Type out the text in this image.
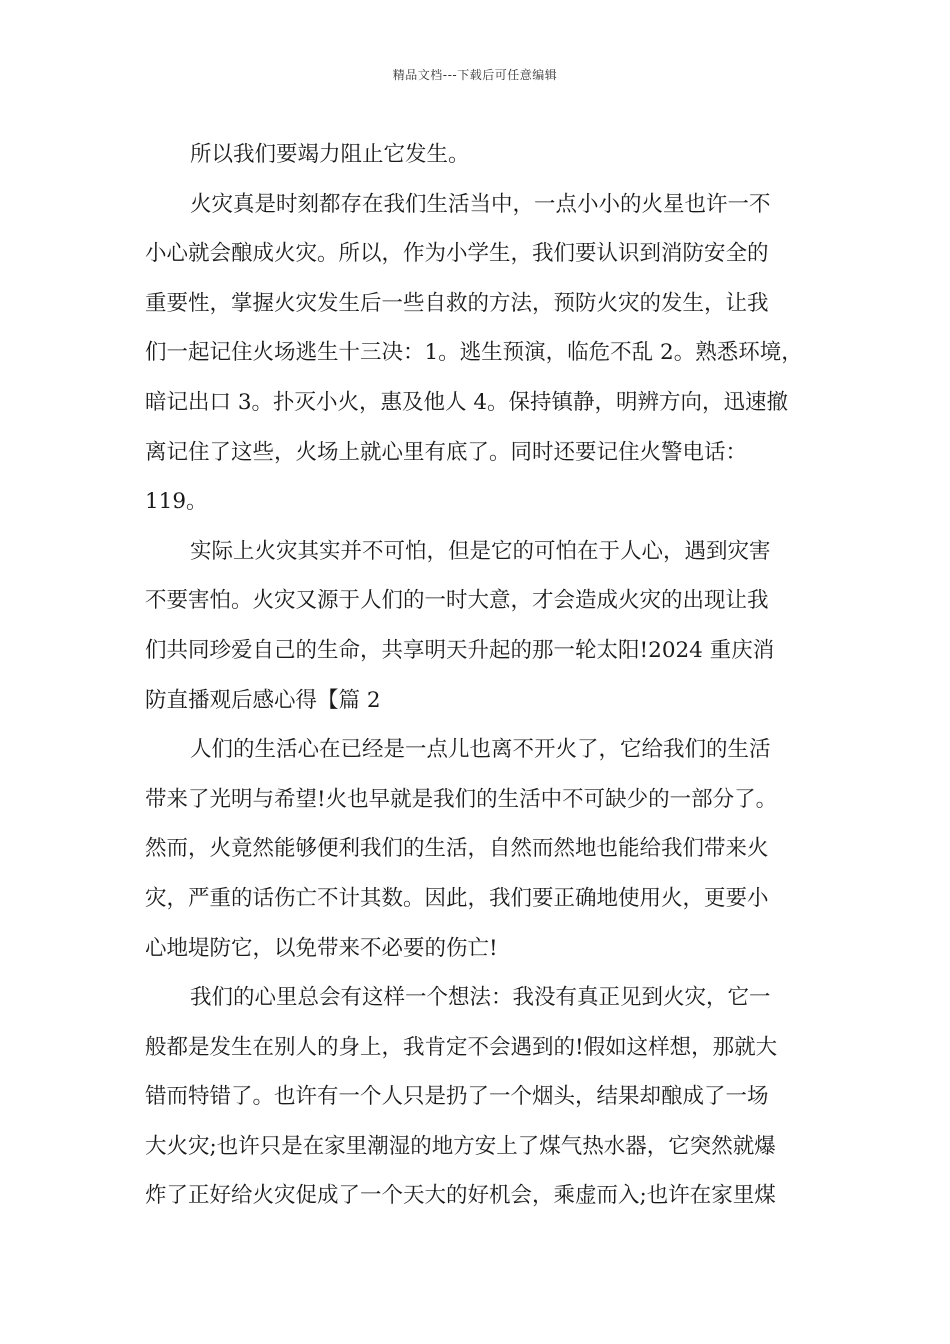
精品文档---下载后可任意编辑
所以我们要竭力阻止它发生。
火灾真是时刻都存在我们生活当中，一点小小的火星也许一不
小心就会酿成火灾。所以，作为小学生，我们要认识到消防安全的
重要性，掌握火灾发生后一些自救的方法，预防火灾的发生，让我
们一起记住火场逃生十三决：1。逃生预演，临危不乱 2。熟悉环境，
暗记出口 3。扑灭小火，惠及他人 4。保持镇静，明辨方向，迅速撤
离记住了这些，火场上就心里有底了。同时还要记住火警电话：
119。
实际上火灾其实并不可怕，但是它的可怕在于人心，遇到灾害
不要害怕。火灾又源于人们的一时大意，才会造成火灾的出现让我
们共同珍爱自己的生命，共享明天升起的那一轮太阳!2024 重庆消
防直播观后感心得【篇 2
人们的生活心在已经是一点儿也离不开火了，它给我们的生活
带来了光明与希望!火也早就是我们的生活中不可缺少的一部分了。
然而，火竟然能够便利我们的生活，自然而然地也能给我们带来火
灾，严重的话伤亡不计其数。因此，我们要正确地使用火，更要小
心地堤防它，以免带来不必要的伤亡!
我们的心里总会有这样一个想法：我没有真正见到火灾，它一
般都是发生在别人的身上，我肯定不会遇到的!假如这样想，那就大
错而特错了。也许有一个人只是扔了一个烟头，结果却酿成了一场
大火灾;也许只是在家里潮湿的地方安上了煤气热水器，它突然就爆
炸了正好给火灾促成了一个天大的好机会，乘虚而入;也许在家里煤
